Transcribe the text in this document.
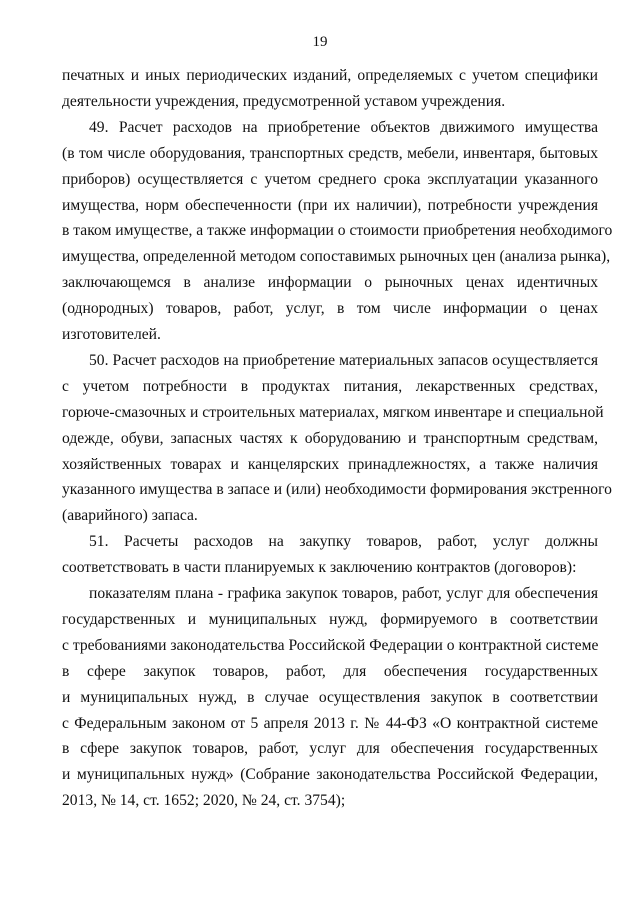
19
печатных и иных периодических изданий, определяемых с учетом специфики
деятельности учреждения, предусмотренной уставом учреждения.
49. Расчет расходов на приобретение объектов движимого имущества
(в том числе оборудования, транспортных средств, мебели, инвентаря, бытовых
приборов) осуществляется с учетом среднего срока эксплуатации указанного
имущества, норм обеспеченности (при их наличии), потребности учреждения
в таком имуществе, а также информации о стоимости приобретения необходимого
имущества, определенной методом сопоставимых рыночных цен (анализа рынка),
заключающемся в анализе информации о рыночных ценах идентичных
(однородных) товаров, работ, услуг, в том числе информации о ценах
изготовителей.
50. Расчет расходов на приобретение материальных запасов осуществляется
с учетом потребности в продуктах питания, лекарственных средствах,
горюче-смазочных и строительных материалах, мягком инвентаре и специальной
одежде, обуви, запасных частях к оборудованию и транспортным средствам,
хозяйственных товарах и канцелярских принадлежностях, а также наличия
указанного имущества в запасе и (или) необходимости формирования экстренного
(аварийного) запаса.
51. Расчеты расходов на закупку товаров, работ, услуг должны
соответствовать в части планируемых к заключению контрактов (договоров):
показателям плана - графика закупок товаров, работ, услуг для обеспечения
государственных и муниципальных нужд, формируемого в соответствии
с требованиями законодательства Российской Федерации о контрактной системе
в сфере закупок товаров, работ, для обеспечения государственных
и муниципальных нужд, в случае осуществления закупок в соответствии
с Федеральным законом от 5 апреля 2013 г. № 44-ФЗ «О контрактной системе
в сфере закупок товаров, работ, услуг для обеспечения государственных
и муниципальных нужд» (Собрание законодательства Российской Федерации,
2013, № 14, ст. 1652; 2020, № 24, ст. 3754);
